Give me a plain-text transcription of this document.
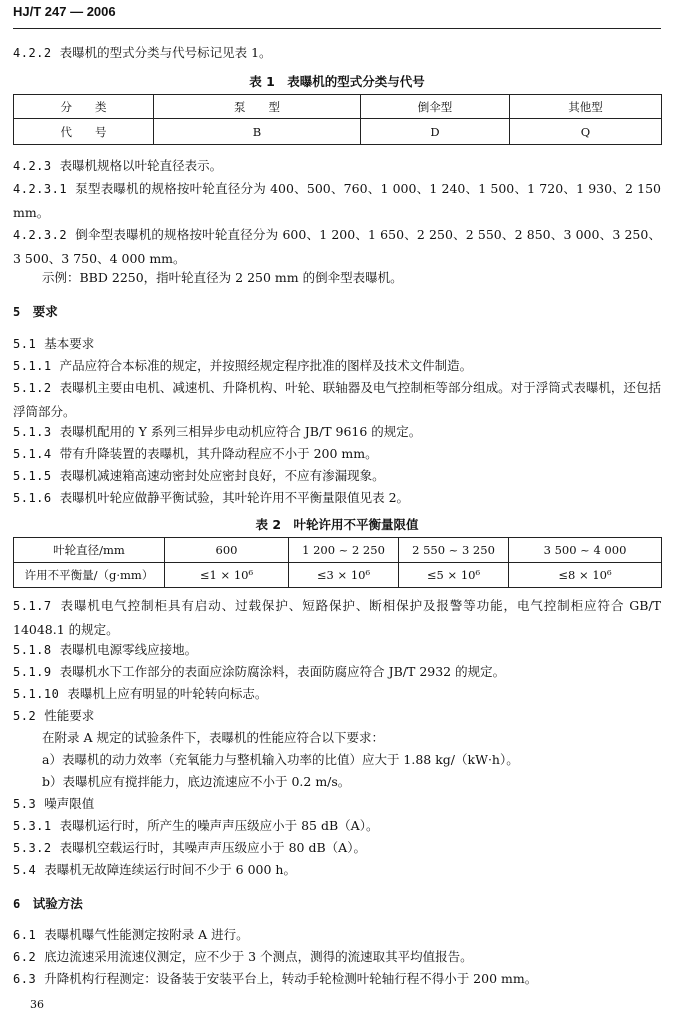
HJ/T 247 — 2006
4.2.2 表曝机的型式分类与代号标记见表 1。
表 1　表曝机的型式分类与代号
分　　类	泵　　型	倒伞型	其他型
代　　号	B	D	Q
4.2.3 表曝机规格以叶轮直径表示。
4.2.3.1 泵型表曝机的规格按叶轮直径分为 400、500、760、1 000、1 240、1 500、1 720、1 930、2 150 mm。
4.2.3.2 倒伞型表曝机的规格按叶轮直径分为 600、1 200、1 650、2 250、2 550、2 850、3 000、3 250、3 500、3 750、4 000 mm。
示例：BBD 2250，指叶轮直径为 2 250 mm 的倒伞型表曝机。
5 要求
5.1 基本要求
5.1.1 产品应符合本标准的规定，并按照经规定程序批准的图样及技术文件制造。
5.1.2 表曝机主要由电机、减速机、升降机构、叶轮、联轴器及电气控制柜等部分组成。对于浮筒式表曝机，还包括浮筒部分。
5.1.3 表曝机配用的 Y 系列三相异步电动机应符合 JB/T 9616 的规定。
5.1.4 带有升降装置的表曝机，其升降动程应不小于 200 mm。
5.1.5 表曝机减速箱高速动密封处应密封良好，不应有渗漏现象。
5.1.6 表曝机叶轮应做静平衡试验，其叶轮许用不平衡量限值见表 2。
表 2　叶轮许用不平衡量限值
叶轮直径/mm	600	1 200 ~ 2 250	2 550 ~ 3 250	3 500 ~ 4 000
许用不平衡量/（g·mm）	≤1 × 10⁶	≤3 × 10⁶	≤5 × 10⁶	≤8 × 10⁶
5.1.7 表曝机电气控制柜具有启动、过载保护、短路保护、断相保护及报警等功能，电气控制柜应符合 GB/T 14048.1 的规定。
5.1.8 表曝机电源零线应接地。
5.1.9 表曝机水下工作部分的表面应涂防腐涂料，表面防腐应符合 JB/T 2932 的规定。
5.1.10 表曝机上应有明显的叶轮转向标志。
5.2 性能要求
在附录 A 规定的试验条件下，表曝机的性能应符合以下要求：
a）表曝机的动力效率（充氧能力与整机输入功率的比值）应大于 1.88 kg/（kW·h）。
b）表曝机应有搅拌能力，底边流速应不小于 0.2 m/s。
5.3 噪声限值
5.3.1 表曝机运行时，所产生的噪声声压级应小于 85 dB（A）。
5.3.2 表曝机空载运行时，其噪声声压级应小于 80 dB（A）。
5.4 表曝机无故障连续运行时间不少于 6 000 h。
6 试验方法
6.1 表曝机曝气性能测定按附录 A 进行。
6.2 底边流速采用流速仪测定，应不少于 3 个测点，测得的流速取其平均值报告。
6.3 升降机构行程测定：设备装于安装平台上，转动手轮检测叶轮轴行程不得小于 200 mm。
36
